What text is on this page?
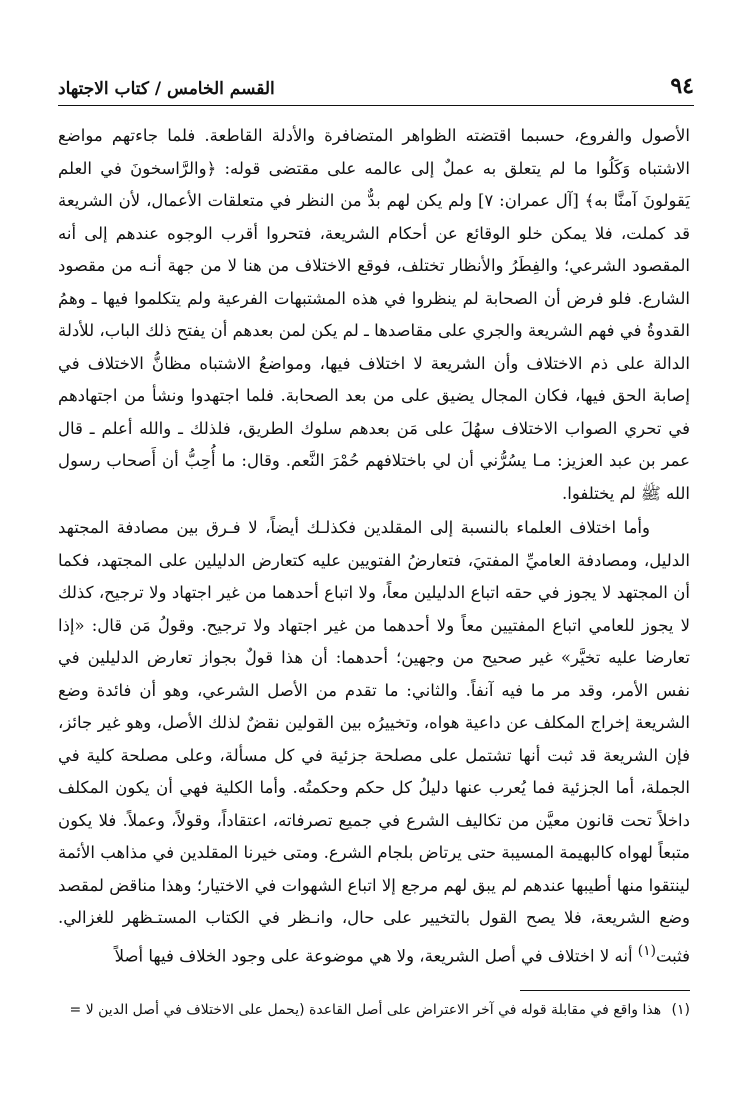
٩٤
القسم الخامس / كتاب الاجتهاد

الأصول والفروع، حسبما اقتضته الظواهر المتضافرة والأدلة القاطعة. فلما جاءتهم مواضع الاشتباه وَكَلُوا ما لم يتعلق به عملٌ إلى عالمه على مقتضى قوله: ﴿والرَّاسخونَ في العلم يَقولونَ آمنَّا به﴾ [آل عمران: ٧] ولم يكن لهم بدٌّ من النظر في متعلقات الأعمال، لأن الشريعة قد كملت، فلا يمكن خلو الوقائع عن أحكام الشريعة، فتحروا أقرب الوجوه عندهم إلى أنه المقصود الشرعي؛ والفِطَرُ والأنظار تختلف، فوقع الاختلاف من هنا لا من جهة أنـه من مقصود الشارع. فلو فرض أن الصحابة لم ينظروا في هذه المشتبهات الفرعية ولم يتكلموا فيها ـ وهمُ القدوةُ في فهم الشريعة والجري على مقاصدها ـ لم يكن لمن بعدهم أن يفتح ذلك الباب، للأدلة الدالة على ذم الاختلاف وأن الشريعة لا اختلاف فيها، ومواضعُ الاشتباه مظانُّ الاختلاف في إصابة الحق فيها، فكان المجال يضيق على من بعد الصحابة. فلما اجتهدوا ونشأ من اجتهادهم في تحري الصواب الاختلاف سهُلَ على مَن بعدهم سلوك الطريق، فلذلك ـ والله أعلم ـ قال عمر بن عبد العزيز: مـا يسُرُّني أن لي باختلافهم حُمْرَ النَّعم. وقال: ما أُحِبُّ أن أَصحاب رسول الله ﷺ لم يختلفوا.

وأما اختلاف العلماء بالنسبة إلى المقلدين فكذلـك أيضاً، لا فـرق بين مصادفة المجتهد الدليل، ومصادفة العاميِّ المفتيَ، فتعارضُ الفتويين عليه كتعارض الدليلين على المجتهد، فكما أن المجتهد لا يجوز في حقه اتباع الدليلين معاً، ولا اتباع أحدهما من غير اجتهاد ولا ترجيح، كذلك لا يجوز للعامي اتباع المفتيين معاً ولا أحدهما من غير اجتهاد ولا ترجيح. وقولُ مَن قال: «إذا تعارضا عليه تخيَّر» غير صحيح من وجهين؛ أحدهما: أن هذا قولٌ بجواز تعارض الدليلين في نفس الأمر، وقد مر ما فيه آنفاً. والثاني: ما تقدم من الأصل الشرعي، وهو أن فائدة وضع الشريعة إخراج المكلف عن داعية هواه، وتخييرُه بين القولين نقضٌ لذلك الأصل، وهو غير جائز، فإن الشريعة قد ثبت أنها تشتمل على مصلحة جزئية في كل مسألة، وعلى مصلحة كلية في الجملة، أما الجزئية فما يُعرب عنها دليلُ كل حكم وحكمتُه. وأما الكلية فهي أن يكون المكلف داخلاً تحت قانون معيَّن من تكاليف الشرع في جميع تصرفاته، اعتقاداً، وقولاً، وعملاً. فلا يكون متبعاً لهواه كالبهيمة المسيبة حتى يرتاض بلجام الشرع. ومتى خيرنا المقلدين في مذاهب الأئمة لينتقوا منها أطيبها عندهم لم يبق لهم مرجع إلا اتباع الشهوات في الاختيار؛ وهذا مناقض لمقصد وضع الشريعة، فلا يصح القول بالتخيير على حال، وانـظر في الكتاب المستـظهر للغزالي. فثبت$^{(١)}$ أنه لا اختلاف في أصل الشريعة، ولا هي موضوعة على وجود الخلاف فيها أصلاً

(١) هذا واقع في مقابلة قوله في آخر الاعتراض على أصل القاعدة (يحمل على الاختلاف في أصل الدين لا =
